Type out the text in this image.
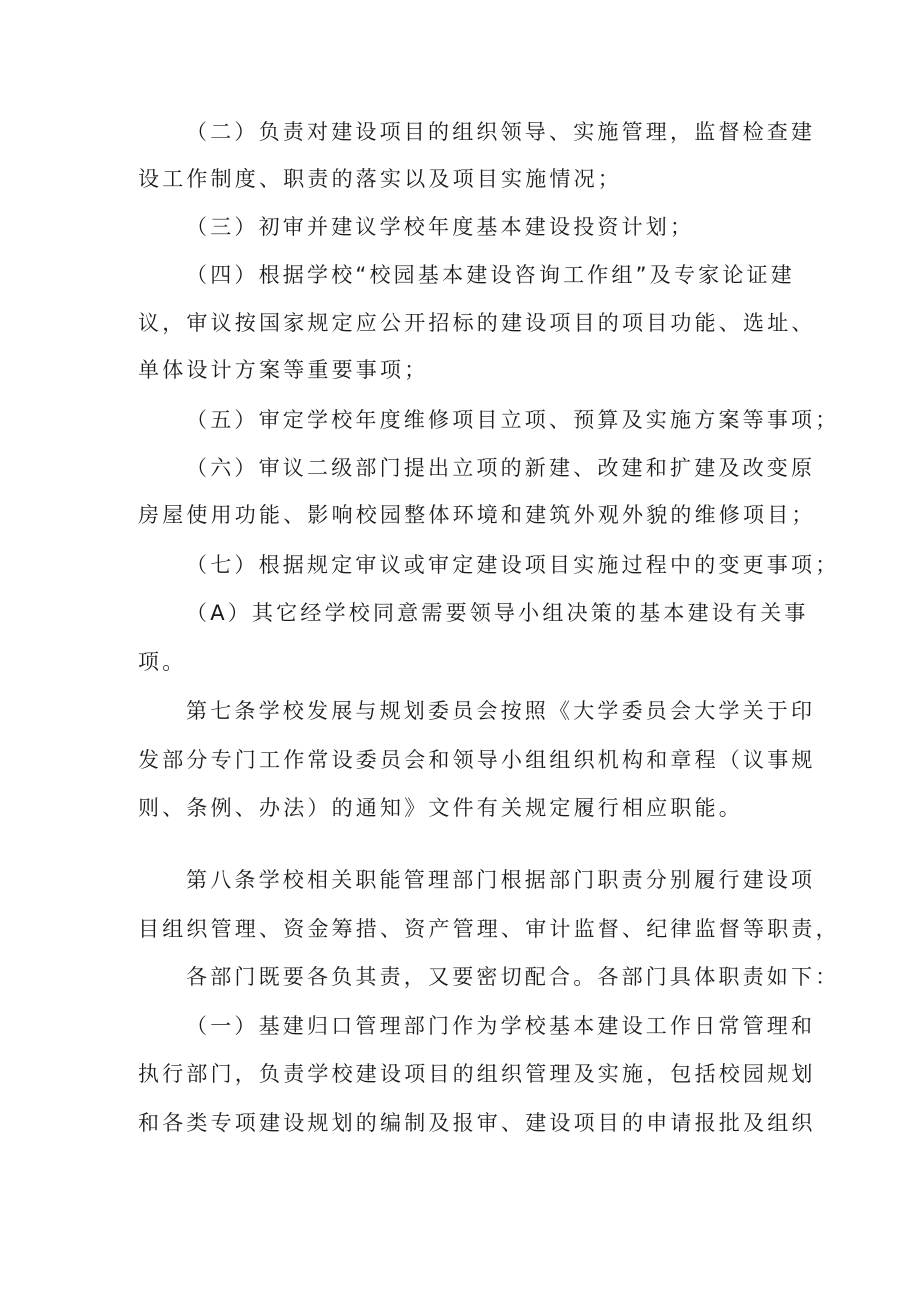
（二）负责对建设项目的组织领导、实施管理，监督检查建
设工作制度、职责的落实以及项目实施情况；
（三）初审并建议学校年度基本建设投资计划；
（四）根据学校“校园基本建设咨询工作组”及专家论证建
议，审议按国家规定应公开招标的建设项目的项目功能、选址、
单体设计方案等重要事项；
（五）审定学校年度维修项目立项、预算及实施方案等事项；
（六）审议二级部门提出立项的新建、改建和扩建及改变原
房屋使用功能、影响校园整体环境和建筑外观外貌的维修项目；
（七）根据规定审议或审定建设项目实施过程中的变更事项；
（A）其它经学校同意需要领导小组决策的基本建设有关事
项。
第七条学校发展与规划委员会按照《大学委员会大学关于印
发部分专门工作常设委员会和领导小组组织机构和章程（议事规
则、条例、办法）的通知》文件有关规定履行相应职能。
第八条学校相关职能管理部门根据部门职责分别履行建设项
目组织管理、资金筹措、资产管理、审计监督、纪律监督等职责，
各部门既要各负其责，又要密切配合。各部门具体职责如下：
（一）基建归口管理部门作为学校基本建设工作日常管理和
执行部门，负责学校建设项目的组织管理及实施，包括校园规划
和各类专项建设规划的编制及报审、建设项目的申请报批及组织
